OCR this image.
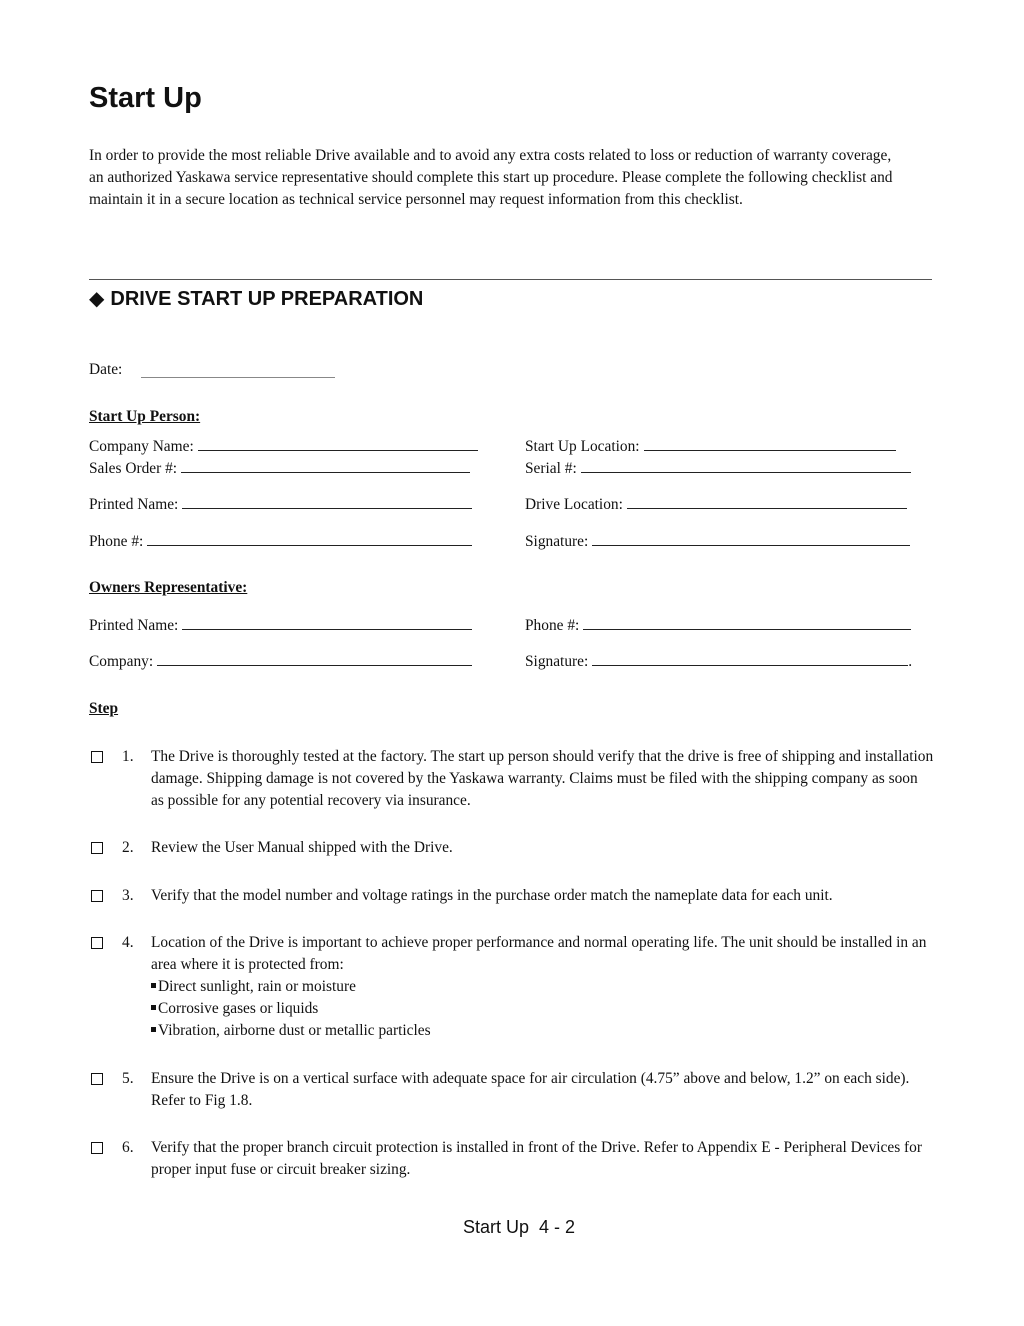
Start Up

In order to provide the most reliable Drive available and to avoid any extra costs related to loss or reduction of warranty coverage, an authorized Yaskawa service representative should complete this start up procedure. Please complete the following checklist and maintain it in a secure location as technical service personnel may request information from this checklist.

◆ DRIVE START UP PREPARATION
Date:
Start Up Person:
Company Name:
Sales Order #:
Printed Name:
Phone #:
Start Up Location:
Serial #:
Drive Location:
Signature:
Owners Representative:
Printed Name:
Company:
Phone #:
Signature:	.
Step
1. The Drive is thoroughly tested at the factory. The start up person should verify that the drive is free of shipping and installation damage. Shipping damage is not covered by the Yaskawa warranty. Claims must be filed with the shipping company as soon as possible for any potential recovery via insurance.
2. Review the User Manual shipped with the Drive.
3. Verify that the model number and voltage ratings in the purchase order match the nameplate data for each unit.
4. Location of the Drive is important to achieve proper performance and normal operating life. The unit should be installed in an area where it is protected from:
Direct sunlight, rain or moisture
Corrosive gases or liquids
Vibration, airborne dust or metallic particles
5. Ensure the Drive is on a vertical surface with adequate space for air circulation (4.75” above and below, 1.2” on each side). Refer to Fig 1.8.
6. Verify that the proper branch circuit protection is installed in front of the Drive. Refer to Appendix E - Peripheral Devices for proper input fuse or circuit breaker sizing.
Start Up  4 - 2
